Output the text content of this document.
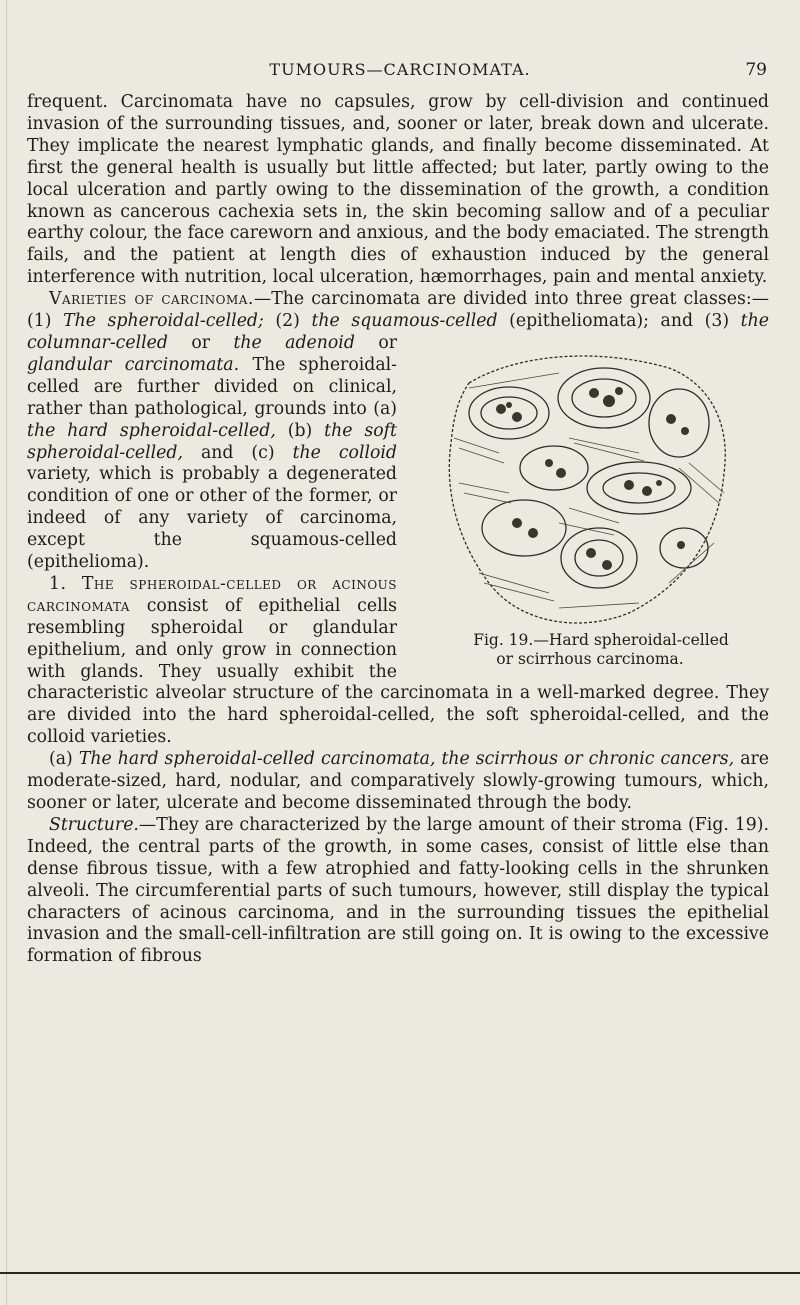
TUMOURS—CARCINOMATA.	79

frequent. Carcinomata have no capsules, grow by cell-division and continued invasion of the surrounding tissues, and, sooner or later, break down and ulcerate. They implicate the nearest lymphatic glands, and finally become disseminated. At first the general health is usually but little affected; but later, partly owing to the local ulceration and partly owing to the dissemination of the growth, a condition known as cancerous cachexia sets in, the skin becoming sallow and of a peculiar earthy colour, the face careworn and anxious, and the body emaciated. The strength fails, and the patient at length dies of exhaustion induced by the general interference with nutrition, local ulceration, hæmorrhages, pain and mental anxiety.

Varieties of carcinoma.—The carcinomata are divided into three great classes:—(1) The spheroidal-celled; (2) the squamous-celled (epitheliomata); and (3)
Fig. 19.—Hard spheroidal-celled
or scirrhous carcinoma.
the columnar-celled or the adenoid or glandular carcinomata. The spheroidal-celled are further divided on clinical, rather than pathological, grounds into (a) the hard spheroidal-celled, (b) the soft spheroidal-celled, and (c) the colloid variety, which is probably a degenerated condition of one or other of the former, or indeed of any variety of carcinoma, except the squamous-celled (epithelioma).

1. The spheroidal-celled or acinous carcinomata consist of epithelial cells resembling spheroidal or glandular epithelium, and only grow in connection with glands. They usually exhibit the characteristic alveolar structure of the carcinomata in a well-marked degree. They are divided into the hard spheroidal-celled, the soft spheroidal-celled, and the colloid varieties.

(a) The hard spheroidal-celled carcinomata, the scirrhous or chronic cancers, are moderate-sized, hard, nodular, and comparatively slowly-growing tumours, which, sooner or later, ulcerate and become disseminated through the body.

Structure.—They are characterized by the large amount of their stroma (Fig. 19). Indeed, the central parts of the growth, in some cases, consist of little else than dense fibrous tissue, with a few atrophied and fatty-looking cells in the shrunken alveoli. The circumferential parts of such tumours, however, still display the typical characters of acinous carcinoma, and in the surrounding tissues the epithelial invasion and the small-cell-infiltration are still going on. It is owing to the excessive formation of fibrous
